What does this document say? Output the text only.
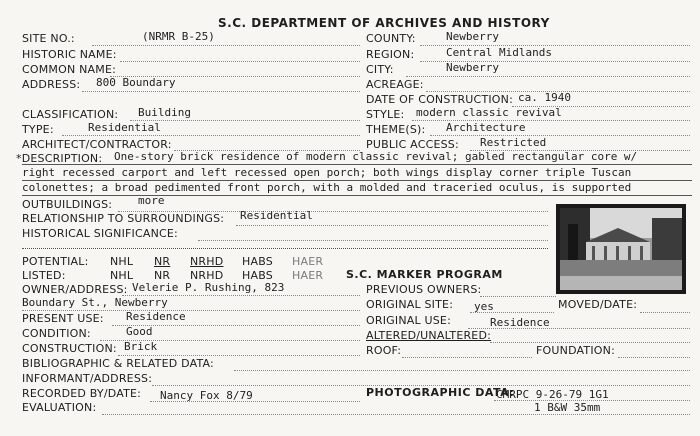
S.C. DEPARTMENT OF ARCHIVES AND HISTORY
SITE NO.:	(NRMR B-25)
HISTORIC NAME:
COMMON NAME:
ADDRESS: 800 Boundary
CLASSIFICATION: Building
TYPE:	Residential
ARCHITECT/CONTRACTOR:
COUNTY:	Newberry
REGION:	Central Midlands
CITY:	Newberry
ACREAGE:
DATE OF CONSTRUCTION: ca. 1940
STYLE: modern classic revival
THEME(S): Architecture
PUBLIC ACCESS: Restricted
*DESCRIPTION: One-story brick residence of modern classic revival; gabled rectangular core w/
right recessed carport and left recessed open porch; both wings display corner triple Tuscan
colonettes; a broad pedimented front porch, with a molded and traceried oculus, is supported
OUTBUILDINGS: more
RELATIONSHIP TO SURROUNDINGS: Residential
HISTORICAL SIGNIFICANCE:
POTENTIAL: NHL NR NRHD HABS HAER
LISTED:	NHL NR NRHD HABS HAER S.C. MARKER PROGRAM
OWNER/ADDRESS: Velerie P. Rushing, 823
Boundary St., Newberry
PREVIOUS OWNERS:
ORIGINAL SITE: yes	MOVED/DATE:
PRESENT USE: Residence	ORIGINAL USE:	Residence
CONDITION:	Good	ALTERED/UNALTERED:
CONSTRUCTION: Brick	ROOF:	FOUNDATION:
BIBLIOGRAPHIC & RELATED DATA:
INFORMANT/ADDRESS:
RECORDED BY/DATE: Nancy Fox 8/79	PHOTOGRAPHIC DATA:
CMRPC 9-26-79 1G1
1 B&W 35mm
EVALUATION:
